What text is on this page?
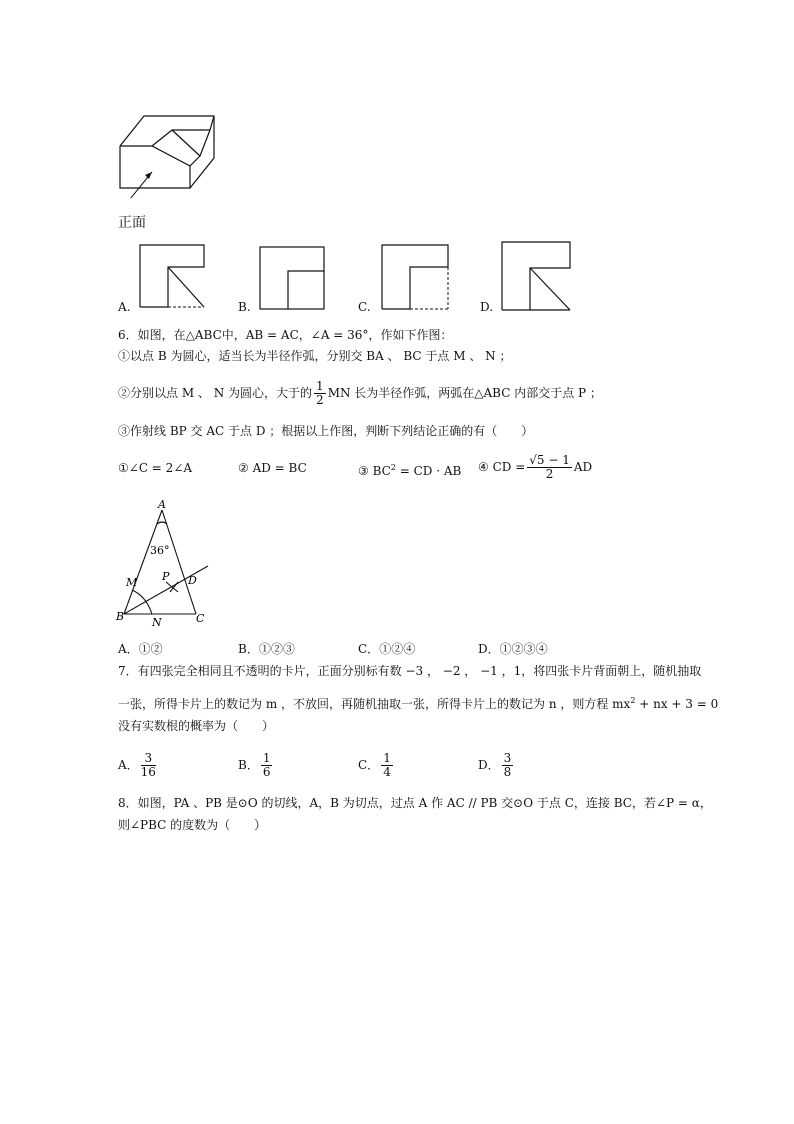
正面
A.	B.	C.	D.
6．如图，在△ABC中，AB = AC，∠A = 36°，作如下作图：
①以点 B 为圆心，适当长为半径作弧，分别交 BA 、 BC 于点 M 、 N ；
②分别以点 M 、 N 为圆心，大于的 $\frac{1}{2}$ MN 长为半径作弧，两弧在△ABC 内部交于点 P ；
③作射线 BP 交 AC 于点 D ；根据以上作图，判断下列结论正确的有（　　）
①∠C = 2∠A	② AD = BC	③ $BC^2$ = CD · AB ④ CD = $\frac{√5 - 1}{2}$ AD
A
36°
M P D
B	N	C
A．①②	B．①②③	C．①②④	D．①②③④
7．有四张完全相同且不透明的卡片，正面分别标有数 −3 ， −2 ， −1 ，1，将四张卡片背面朝上，随机抽取
一张，所得卡片上的数记为 m ，不放回，再随机抽取一张，所得卡片上的数记为 n ，则方程 $mx^2$ + nx + 3 = 0
没有实数根的概率为（　　）
A． $\frac{3}{16}$	B． $\frac{1}{6}$	C． $\frac{1}{4}$	D． $\frac{3}{8}$
8．如图，PA 、PB 是⊙O 的切线，A，B 为切点，过点 A 作 AC // PB 交⊙O 于点 C，连接 BC，若∠P = α，
则∠PBC 的度数为（　　）
